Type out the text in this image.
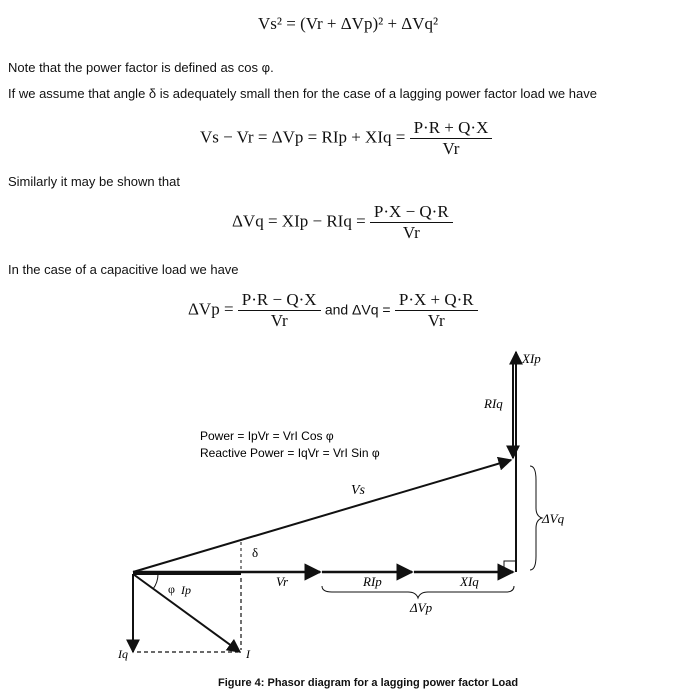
Vs² = (Vr + ΔVp)² + ΔVq²
Note that the power factor is defined as cos φ.
If we assume that angle δ is adequately small then for the case of a lagging power factor load we have
Vs − Vr = ΔVp = RIp + XIq = $\frac{P\cdot R + Q\cdot X}{Vr}$
Similarly it may be shown that
ΔVq = XIp − RIq = $\frac{P\cdot X - Q\cdot R}{Vr}$
In the case of a capacitive load we have
$\Delta Vp = \frac{P\cdot R - Q\cdot X}{Vr}$ and $\Delta Vq = \frac{P\cdot X + Q\cdot R}{Vr}$
Vs
Vr	RIp	XIq
ΔVp
ΔVq
XIp
RIq
δ
φ Ip
Iq	I
Power = IpVr = VrI Cos φ
Reactive Power = IqVr = VrI Sin φ
Figure 4: Phasor diagram for a lagging power factor Load
